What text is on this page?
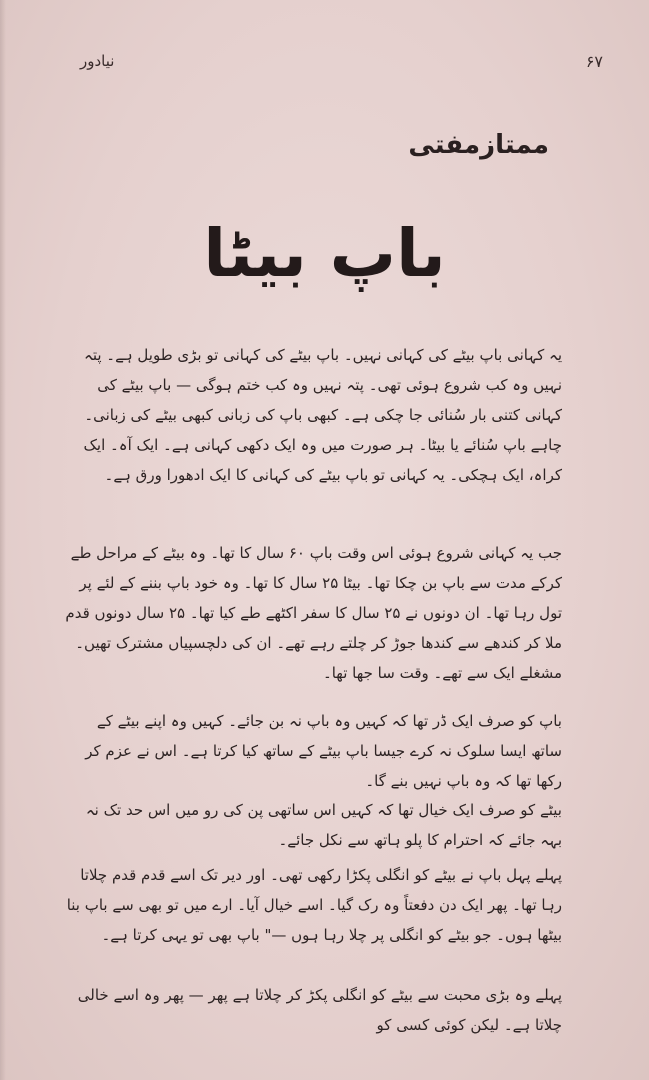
نیادور	۶۷
ممتازمفتی
باپ بیٹا

یہ کہانی باپ بیٹے کی کہانی نہیں۔ باپ بیٹے کی کہانی تو بڑی طویل ہے۔ پتہ نہیں وہ کب شروع ہوئی تھی۔ پتہ نہیں وہ کب ختم ہوگی — باپ بیٹے کی کہانی کتنی بار سُنائی جا چکی ہے۔ کبھی باپ کی زبانی کبھی بیٹے کی زبانی۔ چاہے باپ سُنائے یا بیٹا۔ ہر صورت میں وہ ایک دکھی کہانی ہے۔ ایک آہ۔ ایک کراہ، ایک ہچکی۔ یہ کہانی تو باپ بیٹے کی کہانی کا ایک ادھورا ورق ہے۔

جب یہ کہانی شروع ہوئی اس وقت باپ ۶۰ سال کا تھا۔ وہ بیٹے کے مراحل طے کرکے مدت سے باپ بن چکا تھا۔ بیٹا ۲۵ سال کا تھا۔ وہ خود باپ بننے کے لئے پر تول رہا تھا۔ ان دونوں نے ۲۵ سال کا سفر اکٹھے طے کیا تھا۔ ۲۵ سال دونوں قدم ملا کر کندھے سے کندھا جوڑ کر چلتے رہے تھے۔ ان کی دلچسپیاں مشترک تھیں۔ مشغلے ایک سے تھے۔ وقت سا جھا تھا۔

باپ کو صرف ایک ڈر تھا کہ کہیں وہ باپ نہ بن جائے۔ کہیں وہ اپنے بیٹے کے ساتھ ایسا سلوک نہ کرے جیسا باپ بیٹے کے ساتھ کیا کرتا ہے۔ اس نے عزم کر رکھا تھا کہ وہ باپ نہیں بنے گا۔

بیٹے کو صرف ایک خیال تھا کہ کہیں اس ساتھی پن کی رو میں اس حد تک نہ بہہ جائے کہ احترام کا پلو ہاتھ سے نکل جائے۔

پہلے پہل باپ نے بیٹے کو انگلی پکڑا رکھی تھی۔ اور دیر تک اسے قدم قدم چلاتا رہا تھا۔ پھر ایک دن دفعتاً وہ رک گیا۔ اسے خیال آیا۔ ارے میں تو بھی سے باپ بنا بیٹھا ہوں۔ جو بیٹے کو انگلی پر چلا رہا ہوں —" باپ بھی تو یہی کرتا ہے۔

پہلے وہ بڑی محبت سے بیٹے کو انگلی پکڑ کر چلاتا ہے پھر — پھر وہ اسے خالی چلاتا ہے۔ لیکن کوئی کسی کو
